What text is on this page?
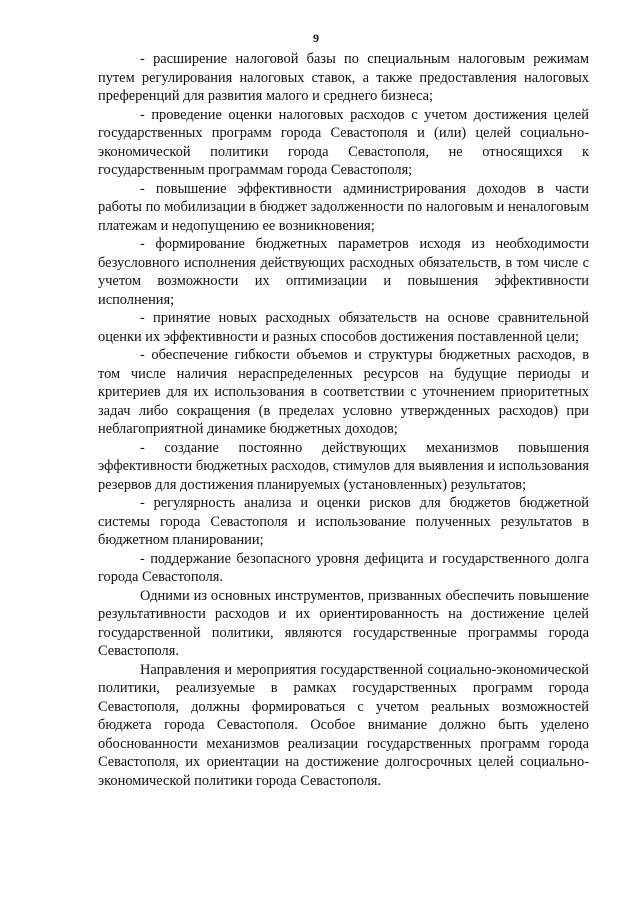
9

- расширение налоговой базы по специальным налоговым режимам путем регулирования налоговых ставок, а также предоставления налоговых преференций для развития малого и среднего бизнеса;

- проведение оценки налоговых расходов с учетом достижения целей государственных программ города Севастополя и (или) целей социально-экономической политики города Севастополя, не относящихся к государственным программам города Севастополя;

- повышение эффективности администрирования доходов в части работы по мобилизации в бюджет задолженности по налоговым и неналоговым платежам и недопущению ее возникновения;

- формирование бюджетных параметров исходя из необходимости безусловного исполнения действующих расходных обязательств, в том числе с учетом возможности их оптимизации и повышения эффективности исполнения;

- принятие новых расходных обязательств на основе сравнительной оценки их эффективности и разных способов достижения поставленной цели;

- обеспечение гибкости объемов и структуры бюджетных расходов, в том числе наличия нераспределенных ресурсов на будущие периоды и критериев для их использования в соответствии с уточнением приоритетных задач либо сокращения (в пределах условно утвержденных расходов) при неблагоприятной динамике бюджетных доходов;

- создание постоянно действующих механизмов повышения эффективности бюджетных расходов, стимулов для выявления и использования резервов для достижения планируемых (установленных) результатов;

- регулярность анализа и оценки рисков для бюджетов бюджетной системы города Севастополя и использование полученных результатов в бюджетном планировании;

- поддержание безопасного уровня дефицита и государственного долга города Севастополя.

Одними из основных инструментов, призванных обеспечить повышение результативности расходов и их ориентированность на достижение целей государственной политики, являются государственные программы города Севастополя.

Направления и мероприятия государственной социально-экономической политики, реализуемые в рамках государственных программ города Севастополя, должны формироваться с учетом реальных возможностей бюджета города Севастополя. Особое внимание должно быть уделено обоснованности механизмов реализации государственных программ города Севастополя, их ориентации на достижение долгосрочных целей социально-экономической политики города Севастополя.
